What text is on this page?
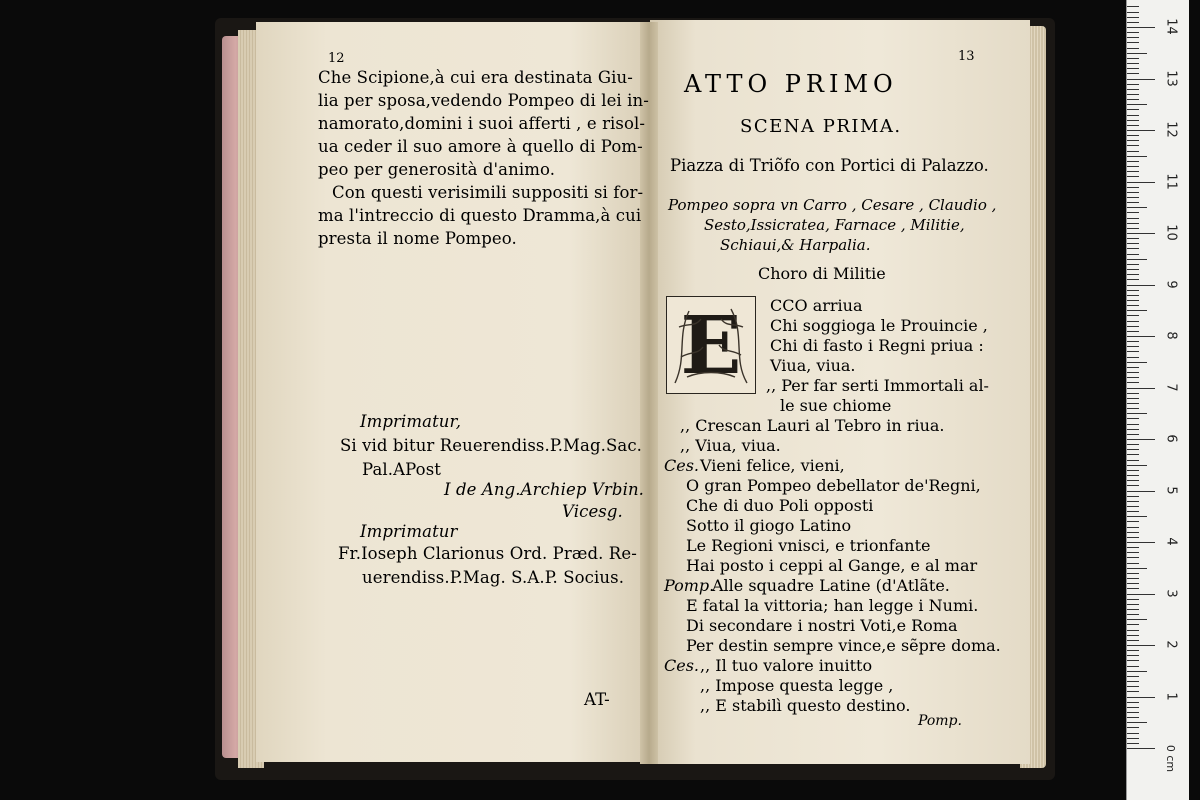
12
Che Scipione,à cui era destinata Giu-
lia per sposa,vedendo Pompeo di lei in-
namorato,domini i suoi afferti , e risol-
ua ceder il suo amore à quello di Pom-
peo per generosità d'animo.
Con questi verisimili suppositi si for-
ma l'intreccio di questo Dramma,à cui
presta il nome Pompeo.
Imprimatur,
Si vid bitur Reuerendiss.P.Mag.Sac.
Pal.APost
I de Ang.Archiep Vrbin.
Vicesg.
Imprimatur
Fr.Ioseph Clarionus Ord. Præd. Re-
uerendiss.P.Mag. S.A.P. Socius.
AT-
13
ATTO PRIMO
SCENA PRIMA.
Piazza di Triõfo con Portici di Palazzo.
Pompeo sopra vn Carro , Cesare , Claudio ,
Sesto,Issicratea, Farnace , Militie,
Schiaui,& Harpalia.
Choro di Militie
E CCO arriua
Chi soggioga le Prouincie ,
Chi di fasto i Regni priua :
Viua, viua.
,, Per far serti Immortali al-
le sue chiome
,, Crescan Lauri al Tebro in riua.
,, Viua, viua.
Ces. Vieni felice, vieni,
O gran Pompeo debellator de'Regni,
Che di duo Poli opposti
Sotto il giogo Latino
Le Regioni vnisci, e trionfante
Hai posto i ceppi al Gange, e al mar
Pomp.
Alle squadre Latine (d'Atlãte.
E fatal la vittoria; han legge i Numi.
Di secondare i nostri Voti,e Roma
Per destin sempre vince,e sẽpre doma.
Ces. ,, Il tuo valore inuitto
,, Impose questa legge ,
,, E stabilì questo destino.
Pomp.
0 cm
1
2
3
4
5
6
7
8
9
10
11
12
13
14
